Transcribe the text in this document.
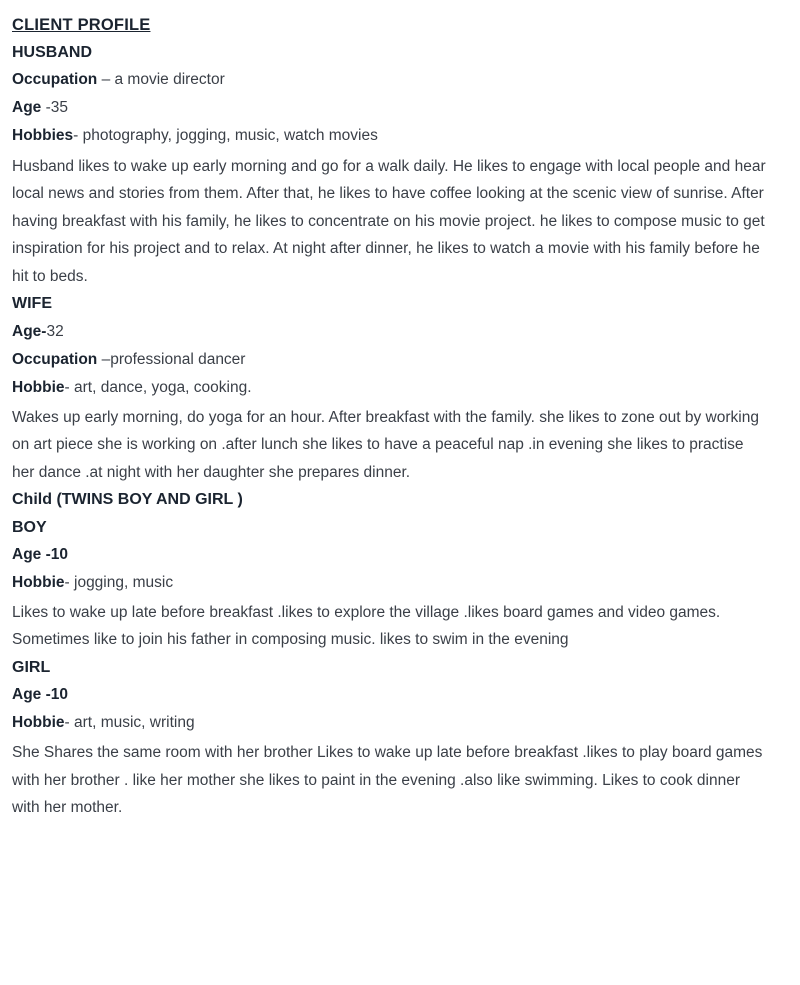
CLIENT PROFILE
HUSBAND
Occupation – a movie director
Age -35
Hobbies- photography, jogging, music, watch movies
Husband likes to wake up early morning and go for a walk daily. He likes to engage with local people and hear local news and stories from them. After that, he likes to have coffee looking at the scenic view of sunrise. After having breakfast with his family, he likes to concentrate on his movie project. he likes to compose music to get inspiration for his project and to relax. At night after dinner, he likes to watch a movie with his family before he hit to beds.
WIFE
Age-32
Occupation –professional dancer
Hobbie- art, dance, yoga, cooking.
Wakes up early morning, do yoga for an hour. After breakfast with the family. she likes to zone out by working on art piece she is working on .after lunch she likes to have a peaceful nap .in evening she likes to practise her dance .at night with her daughter she prepares dinner.
Child (TWINS BOY AND GIRL )
BOY
Age -10
Hobbie- jogging, music
Likes to wake up late before breakfast .likes to explore the village .likes board games and video games. Sometimes like to join his father in composing music. likes to swim in the evening
GIRL
Age -10
Hobbie- art, music, writing
She Shares the same room with her brother Likes to wake up late before breakfast .likes to play board games with her brother . like her mother she likes to paint in the evening .also like swimming. Likes to cook dinner with her mother.
